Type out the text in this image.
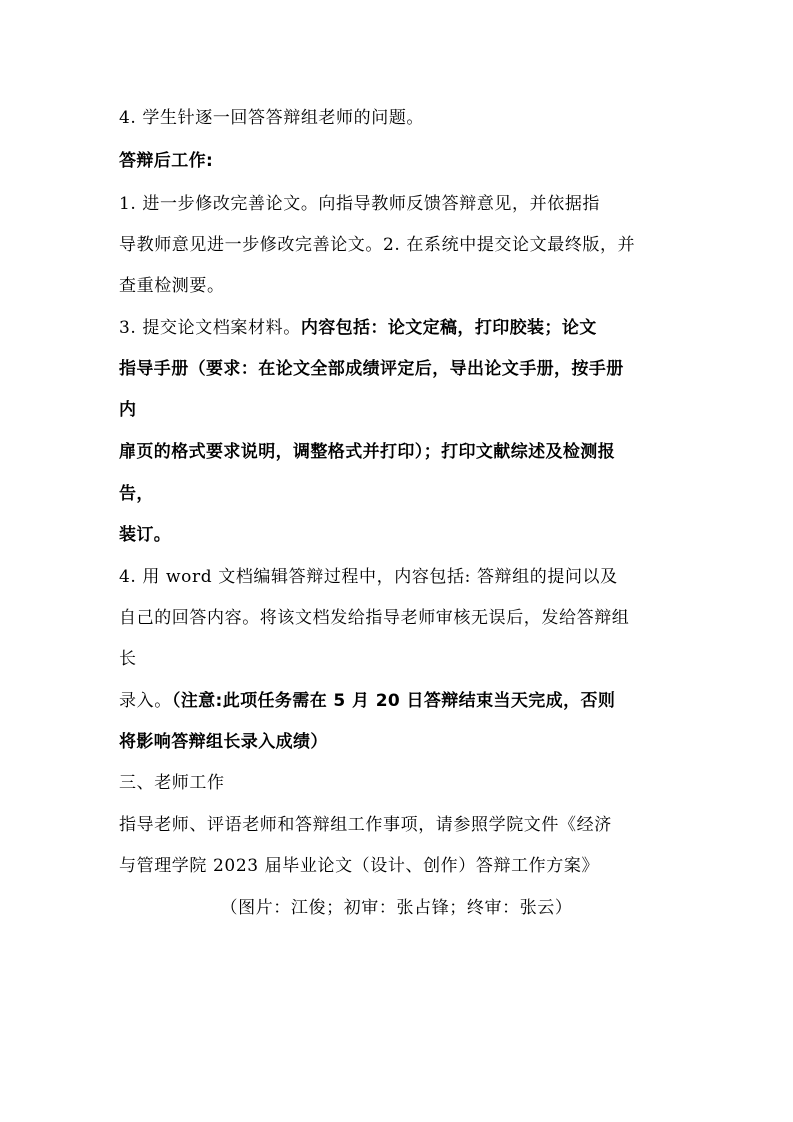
4. 学生针逐一回答答辩组老师的问题。

答辩后工作:

1. 进一步修改完善论文。向指导教师反馈答辩意见，并依据指

导教师意见进一步修改完善论文。2. 在系统中提交论文最终版，并

查重检测要。

3. 提交论文档案材料。内容包括：论文定稿，打印胶装；论文

指导手册（要求：在论文全部成绩评定后，导出论文手册，按手册

内

扉页的格式要求说明，调整格式并打印）；打印文献综述及检测报

告，

装订。

4. 用 word 文档编辑答辩过程中，内容包括: 答辩组的提问以及

自己的回答内容。将该文档发给指导老师审核无误后，发给答辩组

长

录入。（注意:此项任务需在 5 月 20 日答辩结束当天完成，否则

将影响答辩组长录入成绩）

三、老师工作

指导老师、评语老师和答辩组工作事项，请参照学院文件《经济

与管理学院 2023 届毕业论文（设计、创作）答辩工作方案》

（图片：江俊；初审：张占锋；终审：张云）
